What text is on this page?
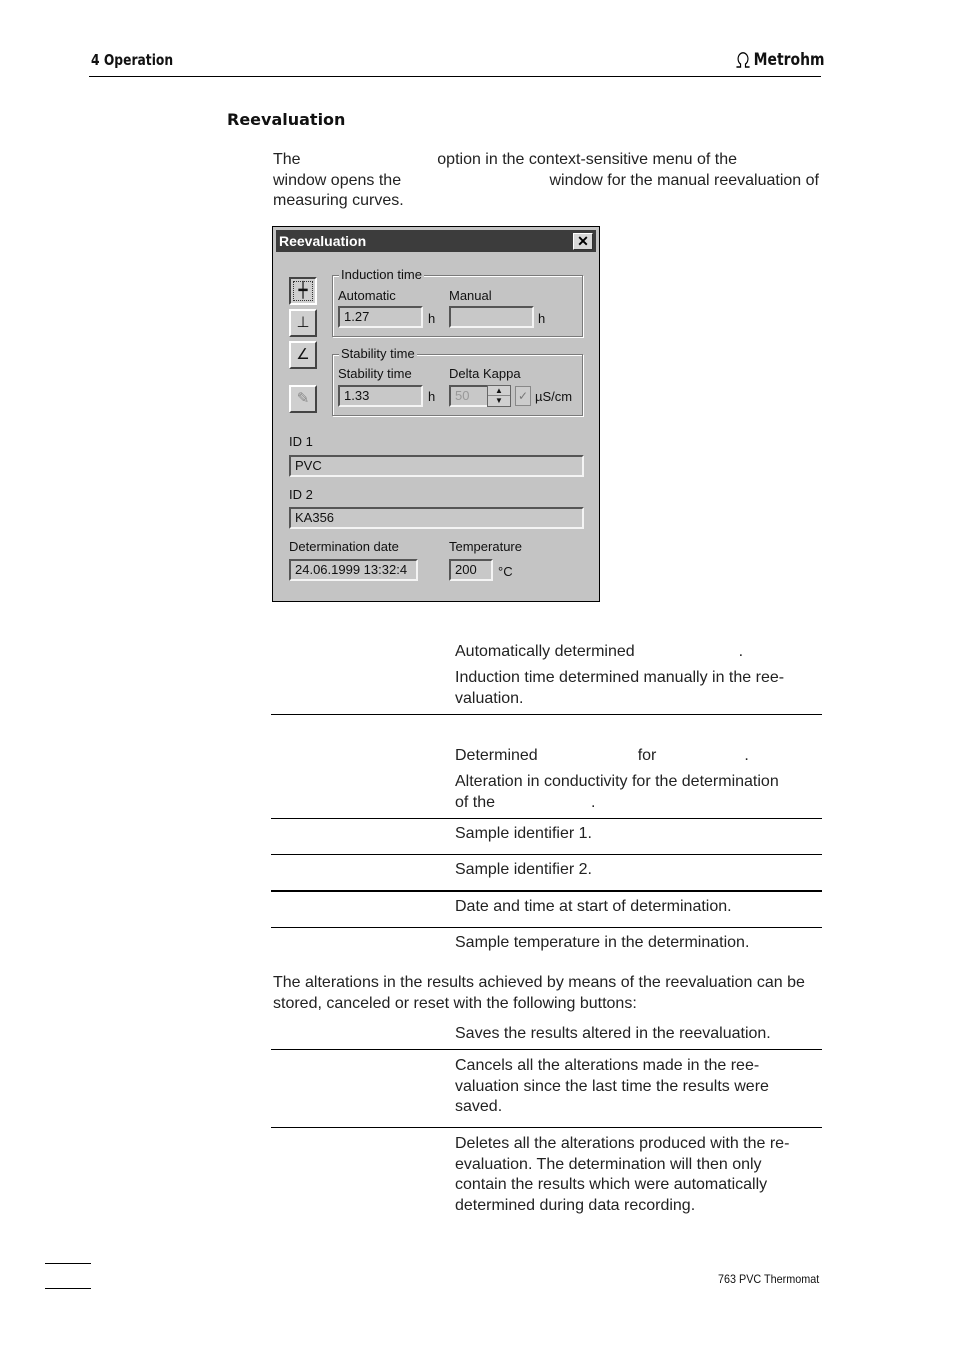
4 Operation	Metrohm
Reevaluation
The	option in the context-sensitive menu of the
window opens the	window for the manual reevaluation of
measuring curves.
Reevaluation	✕
┿
⊥
∠
✎
Induction time
Automatic	Manual
1.27	h	h
Stability time
Stability time	Delta Kappa
1.33	h	50	▲
▼	✓ µS/cm
ID 1
PVC
ID 2
KA356
Determination date
24.06.1999 13:32:4
Temperature
200	°C
Automatically determined	.
Induction time determined manually in the ree-valuation.
Determined	for	.
Alteration in conductivity for the determination
of the	.
Sample identifier 1.
Sample identifier 2.
Date and time at start of determination.
Sample temperature in the determination.
The alterations in the results achieved by means of the reevaluation can be stored, canceled or reset with the following buttons:
Saves the results altered in the reevaluation.
Cancels all the alterations made in the ree-valuation since the last time the results were saved.
Deletes all the alterations produced with the re-evaluation. The determination will then only contain the results which were automatically determined during data recording.
763 PVC Thermomat
